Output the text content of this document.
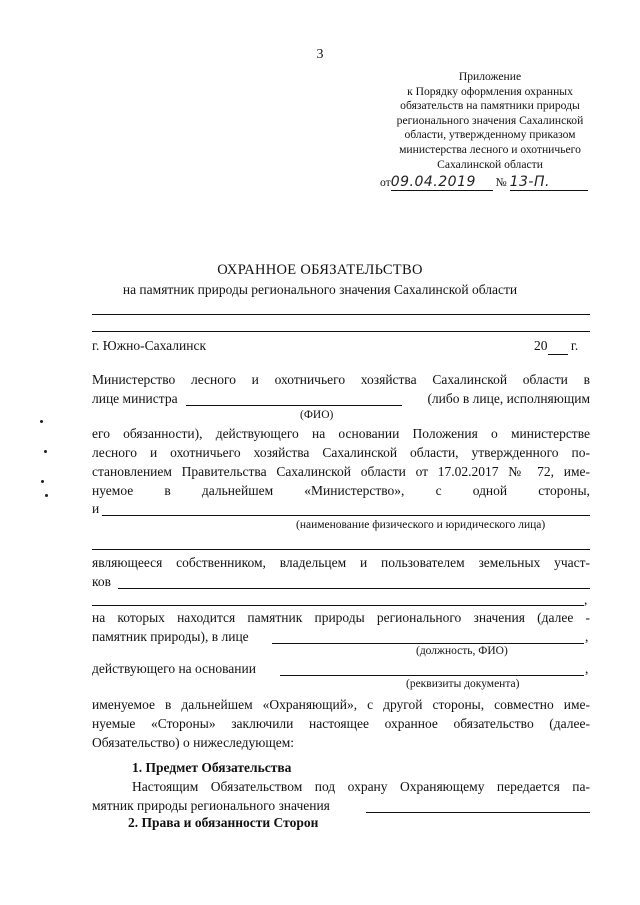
3
Приложение
к Порядку оформления охранных
обязательств на памятники природы
регионального значения Сахалинской
области, утвержденному приказом
министерства лесного и охотничьего
Сахалинской области
от09.04.2019 № 13-П.
ОХРАННОЕ ОБЯЗАТЕЛЬСТВО
на памятник природы регионального значения Сахалинской области
г. Южно-Сахалинск	20 г.
Министерство лесного и охотничьего хозяйства Сахалинской области в
лице министра	(либо в лице, исполняющим
(ФИО)
его обязанности), действующего на основании Положения о министерстве
лесного и охотничьего хозяйства Сахалинской области, утвержденного по-
становлением Правительства Сахалинской области от 17.02.2017 № 72, име-
нуемое в дальнейшем «Министерство», с одной стороны,
и
(наименование физического и юридического лица)
являющееся собственником, владельцем и пользователем земельных участ-
ков
,
на которых находится памятник природы регионального значения (далее -
памятник природы), в лице	,
(должность, ФИО)
действующего на основании	,
(реквизиты документа)
именуемое в дальнейшем «Охраняющий», с другой стороны, совместно име-
нуемые «Стороны» заключили настоящее охранное обязательство (далее-
Обязательство) о нижеследующем:
1. Предмет Обязательства
Настоящим Обязательством под охрану Охраняющему передается па-
мятник природы регионального значения
2. Права и обязанности Сторон
